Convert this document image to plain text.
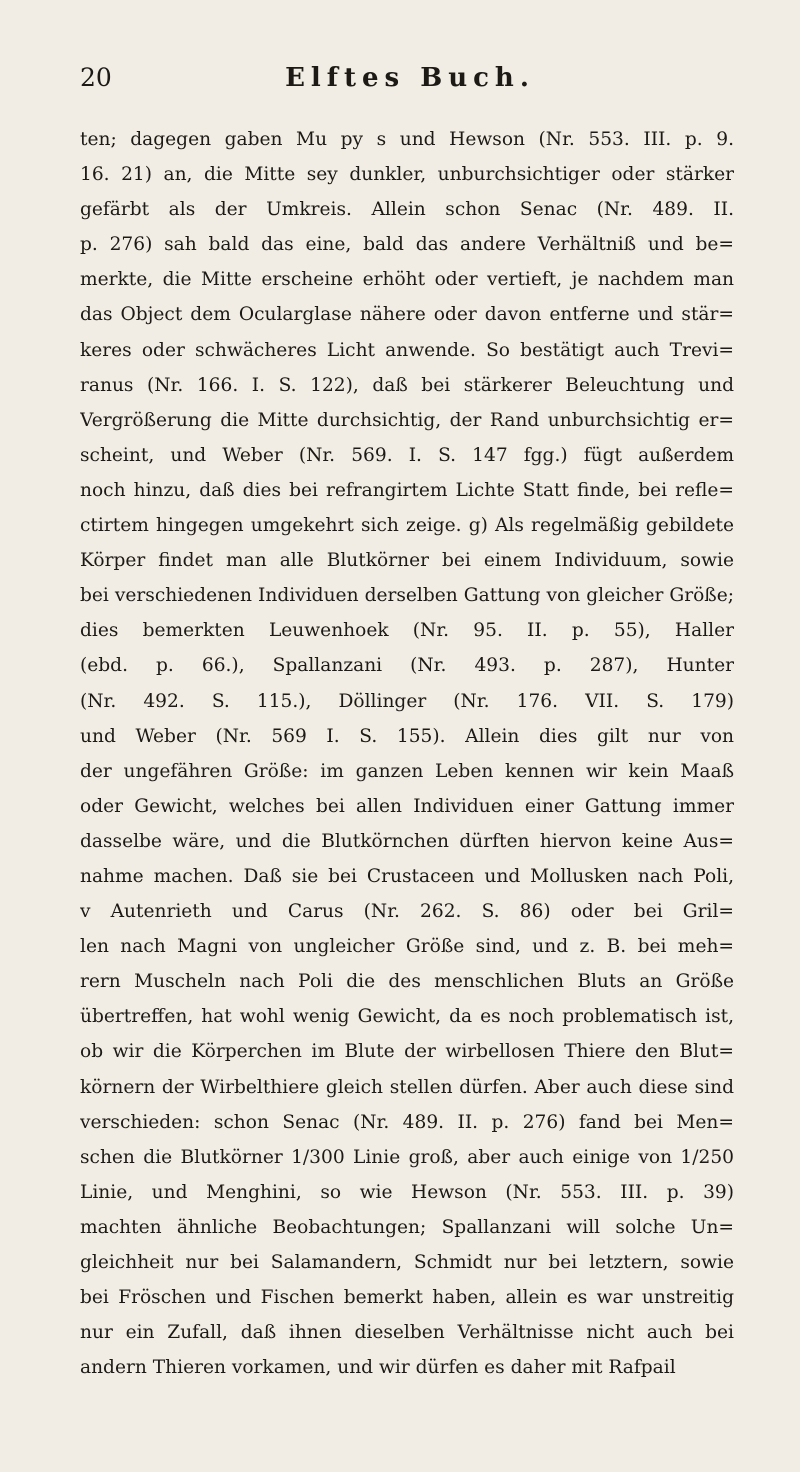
20	Elftes Buch.
ten; dagegen gaben Mu py s und Hewson (Nr. 553. III. p. 9.
16. 21) an, die Mitte sey dunkler, unburchsichtiger oder stärker
gefärbt als der Umkreis. Allein schon Senac (Nr. 489. II.
p. 276) sah bald das eine, bald das andere Verhältniß und be=
merkte, die Mitte erscheine erhöht oder vertieft, je nachdem man
das Object dem Ocularglase nähere oder davon entferne und stär=
keres oder schwächeres Licht anwende. So bestätigt auch Trevi=
ranus (Nr. 166. I. S. 122), daß bei stärkerer Beleuchtung und
Vergrößerung die Mitte durchsichtig, der Rand unburchsichtig er=
scheint, und Weber (Nr. 569. I. S. 147 fgg.) fügt außerdem
noch hinzu, daß dies bei refrangirtem Lichte Statt finde, bei refle=
ctirtem hingegen umgekehrt sich zeige. g) Als regelmäßig gebildete
Körper findet man alle Blutkörner bei einem Individuum, sowie
bei verschiedenen Individuen derselben Gattung von gleicher Größe;
dies bemerkten Leuwenhoek (Nr. 95. II. p. 55), Haller
(ebd. p. 66.), Spallanzani (Nr. 493. p. 287), Hunter
(Nr. 492. S. 115.), Döllinger (Nr. 176. VII. S. 179)
und Weber (Nr. 569 I. S. 155). Allein dies gilt nur von
der ungefähren Größe: im ganzen Leben kennen wir kein Maaß
oder Gewicht, welches bei allen Individuen einer Gattung immer
dasselbe wäre, und die Blutkörnchen dürften hiervon keine Aus=
nahme machen. Daß sie bei Crustaceen und Mollusken nach Poli,
v Autenrieth und Carus (Nr. 262. S. 86) oder bei Gril=
len nach Magni von ungleicher Größe sind, und z. B. bei meh=
rern Muscheln nach Poli die des menschlichen Bluts an Größe
übertreffen, hat wohl wenig Gewicht, da es noch problematisch ist,
ob wir die Körperchen im Blute der wirbellosen Thiere den Blut=
körnern der Wirbelthiere gleich stellen dürfen. Aber auch diese sind
verschieden: schon Senac (Nr. 489. II. p. 276) fand bei Men=
schen die Blutkörner 1/300 Linie groß, aber auch einige von 1/250
Linie, und Menghini, so wie Hewson (Nr. 553. III. p. 39)
machten ähnliche Beobachtungen; Spallanzani will solche Un=
gleichheit nur bei Salamandern, Schmidt nur bei letztern, sowie
bei Fröschen und Fischen bemerkt haben, allein es war unstreitig
nur ein Zufall, daß ihnen dieselben Verhältnisse nicht auch bei
andern Thieren vorkamen, und wir dürfen es daher mit Rafpail
